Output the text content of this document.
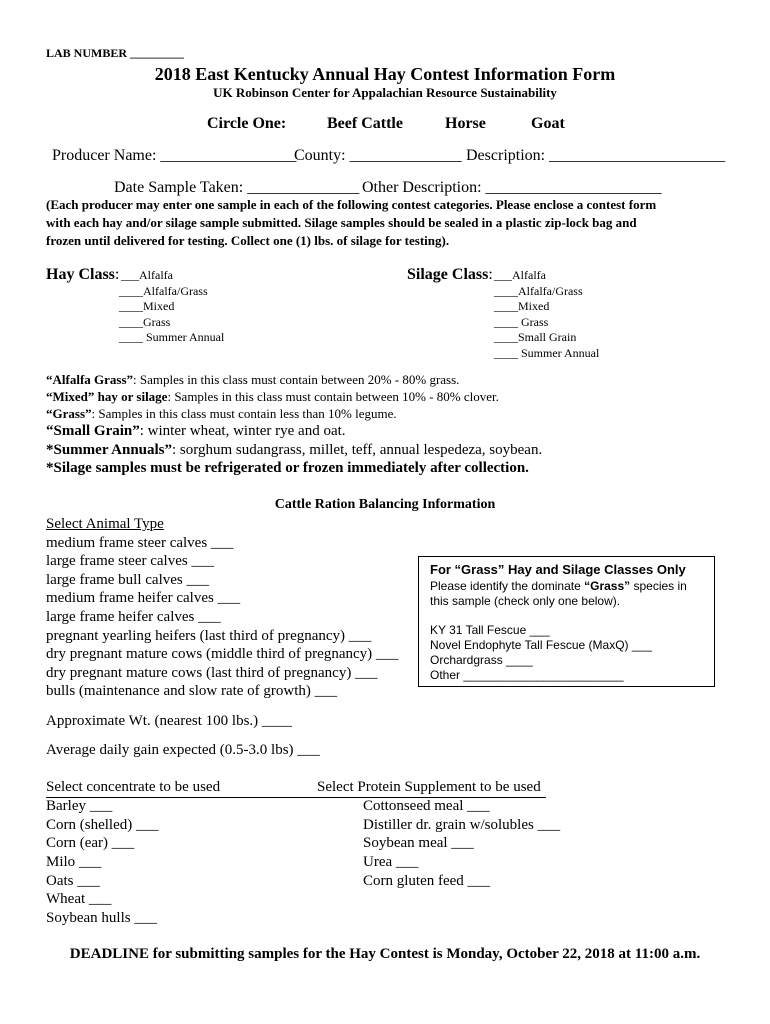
LAB NUMBER _________
2018 East Kentucky Annual Hay Contest Information Form
UK Robinson Center for Appalachian Resource Sustainability
Circle One:	Beef Cattle	Horse	Goat
Producer Name: _________________
County: ______________ Description: ______________________
Date Sample Taken: ______________ Other Description: ______________________
(Each producer may enter one sample in each of the following contest categories. Please enclose a contest form
with each hay and/or silage sample submitted. Silage samples should be sealed in a plastic zip-lock bag and
frozen until delivered for testing. Collect one (1) lbs. of silage for testing).
Hay Class: ___Alfalfa
____Alfalfa/Grass
____Mixed
____Grass
____ Summer Annual
Silage Class: ___Alfalfa
____Alfalfa/Grass
____Mixed
____ Grass
____Small Grain
____ Summer Annual
“Alfalfa Grass”: Samples in this class must contain between 20% - 80% grass.
“Mixed” hay or silage: Samples in this class must contain between 10% - 80% clover.
“Grass”: Samples in this class must contain less than 10% legume.
“Small Grain”: winter wheat, winter rye and oat.
*Summer Annuals”: sorghum sudangrass, millet, teff, annual lespedeza, soybean.
*Silage samples must be refrigerated or frozen immediately after collection.
Cattle Ration Balancing Information
Select Animal Type
medium frame steer calves ___
large frame steer calves ___
large frame bull calves ___
medium frame heifer calves ___
large frame heifer calves ___
pregnant yearling heifers (last third of pregnancy) ___
dry pregnant mature cows (middle third of pregnancy) ___
dry pregnant mature cows (last third of pregnancy) ___
bulls (maintenance and slow rate of growth) ___
Approximate Wt. (nearest 100 lbs.) ____
Average daily gain expected (0.5-3.0 lbs) ___
For “Grass” Hay and Silage Classes Only
Please identify the dominate “Grass” species in
this sample (check only one below).
KY 31 Tall Fescue ___
Novel Endophyte Tall Fescue (MaxQ) ___
Orchardgrass ____
Other ________________________
Select concentrate to be used	Select Protein Supplement to be used
Barley ___
Corn (shelled) ___
Corn (ear) ___
Milo ___
Oats ___
Wheat ___
Soybean hulls ___
Cottonseed meal ___
Distiller dr. grain w/solubles ___
Soybean meal ___
Urea ___
Corn gluten feed ___
DEADLINE for submitting samples for the Hay Contest is Monday, October 22, 2018 at 11:00 a.m.
